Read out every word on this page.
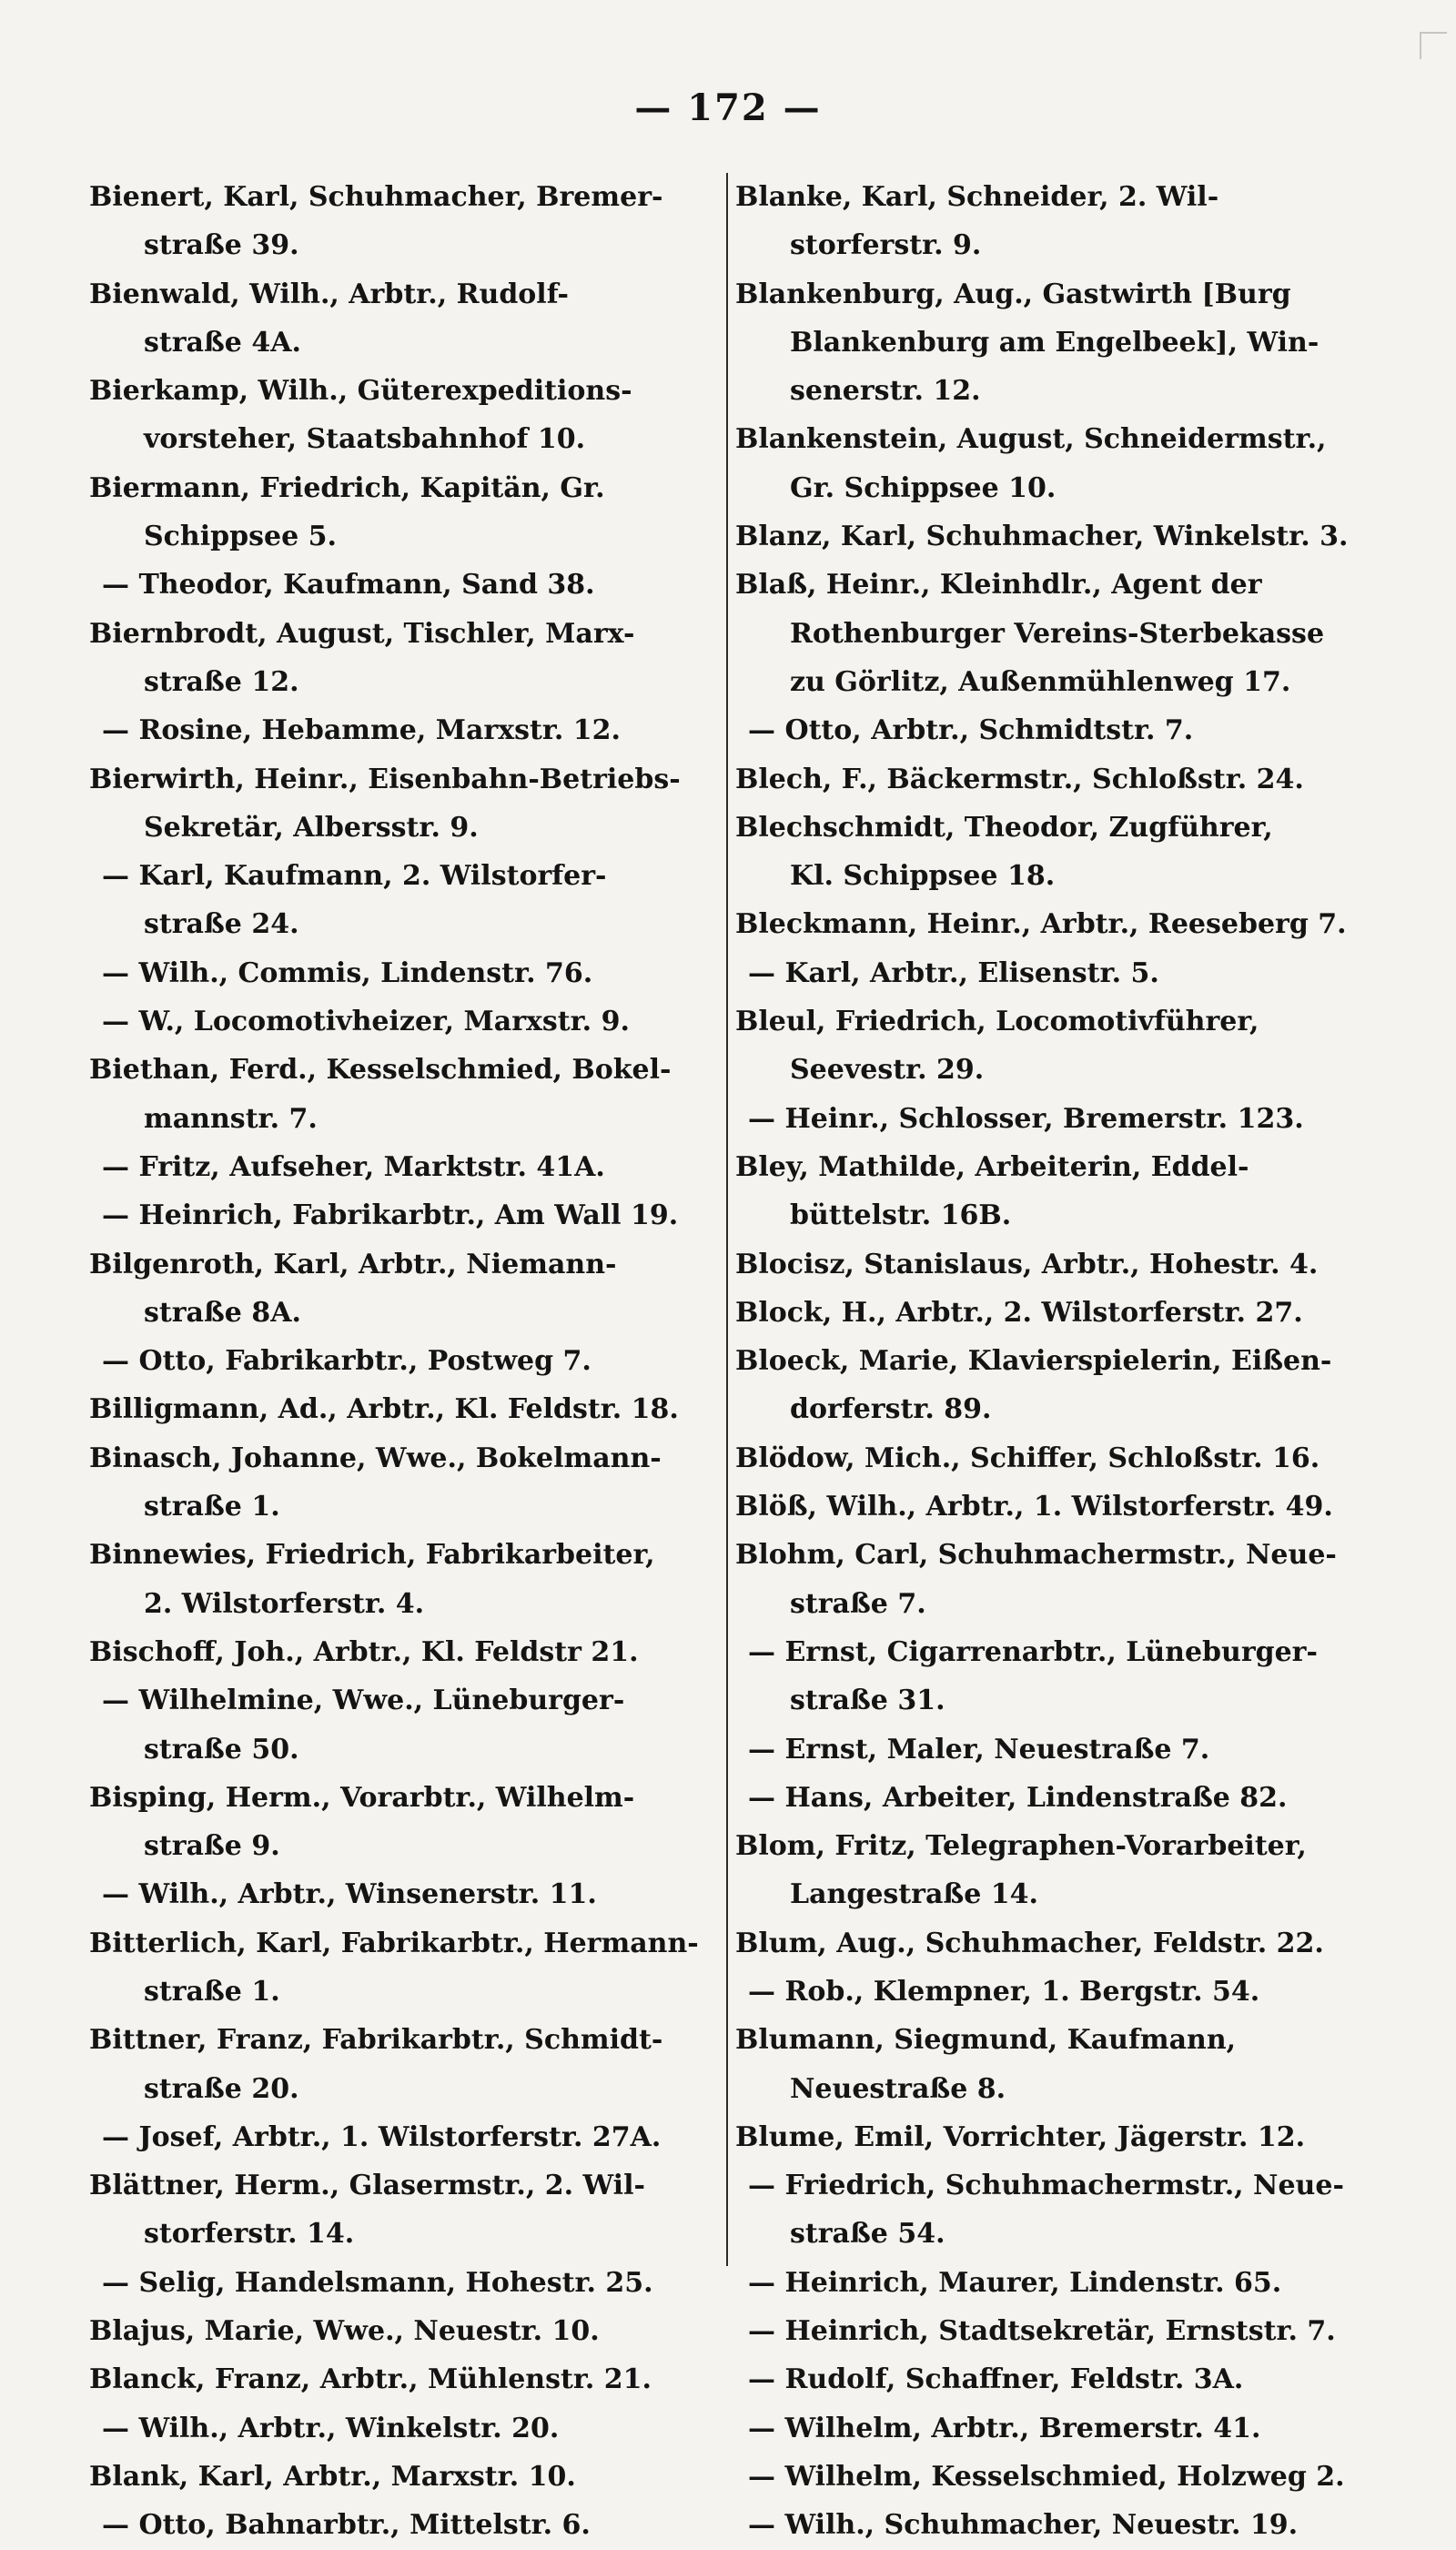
— 172 —
Bienert, Karl, Schuhmacher, Bremer-
straße 39.
Bienwald, Wilh., Arbtr., Rudolf-
straße 4A.
Bierkamp, Wilh., Güterexpeditions-
vorsteher, Staatsbahnhof 10.
Biermann, Friedrich, Kapitän, Gr.
Schippsee 5.
— Theodor, Kaufmann, Sand 38.
Biernbrodt, August, Tischler, Marx-
straße 12.
— Rosine, Hebamme, Marxstr. 12.
Bierwirth, Heinr., Eisenbahn-Betriebs-
Sekretär, Albersstr. 9.
— Karl, Kaufmann, 2. Wilstorfer-
straße 24.
— Wilh., Commis, Lindenstr. 76.
— W., Locomotivheizer, Marxstr. 9.
Biethan, Ferd., Kesselschmied, Bokel-
mannstr. 7.
— Fritz, Aufseher, Marktstr. 41A.
— Heinrich, Fabrikarbtr., Am Wall 19.
Bilgenroth, Karl, Arbtr., Niemann-
straße 8A.
— Otto, Fabrikarbtr., Postweg 7.
Billigmann, Ad., Arbtr., Kl. Feldstr. 18.
Binasch, Johanne, Wwe., Bokelmann-
straße 1.
Binnewies, Friedrich, Fabrikarbeiter,
2. Wilstorferstr. 4.
Bischoff, Joh., Arbtr., Kl. Feldstr 21.
— Wilhelmine, Wwe., Lüneburger-
straße 50.
Bisping, Herm., Vorarbtr., Wilhelm-
straße 9.
— Wilh., Arbtr., Winsenerstr. 11.
Bitterlich, Karl, Fabrikarbtr., Hermann-
straße 1.
Bittner, Franz, Fabrikarbtr., Schmidt-
straße 20.
— Josef, Arbtr., 1. Wilstorferstr. 27A.
Blättner, Herm., Glasermstr., 2. Wil-
storferstr. 14.
— Selig, Handelsmann, Hohestr. 25.
Blajus, Marie, Wwe., Neuestr. 10.
Blanck, Franz, Arbtr., Mühlenstr. 21.
— Wilh., Arbtr., Winkelstr. 20.
Blank, Karl, Arbtr., Marxstr. 10.
— Otto, Bahnarbtr., Mittelstr. 6.
Blanke, Karl, Schneider, 2. Wil-
storferstr. 9.
Blankenburg, Aug., Gastwirth [Burg
Blankenburg am Engelbeek], Win-
senerstr. 12.
Blankenstein, August, Schneidermstr.,
Gr. Schippsee 10.
Blanz, Karl, Schuhmacher, Winkelstr. 3.
Blaß, Heinr., Kleinhdlr., Agent der
Rothenburger Vereins-Sterbekasse
zu Görlitz, Außenmühlenweg 17.
— Otto, Arbtr., Schmidtstr. 7.
Blech, F., Bäckermstr., Schloßstr. 24.
Blechschmidt, Theodor, Zugführer,
Kl. Schippsee 18.
Bleckmann, Heinr., Arbtr., Reeseberg 7.
— Karl, Arbtr., Elisenstr. 5.
Bleul, Friedrich, Locomotivführer,
Seevestr. 29.
— Heinr., Schlosser, Bremerstr. 123.
Bley, Mathilde, Arbeiterin, Eddel-
büttelstr. 16B.
Blocisz, Stanislaus, Arbtr., Hohestr. 4.
Block, H., Arbtr., 2. Wilstorferstr. 27.
Bloeck, Marie, Klavierspielerin, Eißen-
dorferstr. 89.
Blödow, Mich., Schiffer, Schloßstr. 16.
Blöß, Wilh., Arbtr., 1. Wilstorferstr. 49.
Blohm, Carl, Schuhmachermstr., Neue-
straße 7.
— Ernst, Cigarrenarbtr., Lüneburger-
straße 31.
— Ernst, Maler, Neuestraße 7.
— Hans, Arbeiter, Lindenstraße 82.
Blom, Fritz, Telegraphen-Vorarbeiter,
Langestraße 14.
Blum, Aug., Schuhmacher, Feldstr. 22.
— Rob., Klempner, 1. Bergstr. 54.
Blumann, Siegmund, Kaufmann,
Neuestraße 8.
Blume, Emil, Vorrichter, Jägerstr. 12.
— Friedrich, Schuhmachermstr., Neue-
straße 54.
— Heinrich, Maurer, Lindenstr. 65.
— Heinrich, Stadtsekretär, Ernststr. 7.
— Rudolf, Schaffner, Feldstr. 3A.
— Wilhelm, Arbtr., Bremerstr. 41.
— Wilhelm, Kesselschmied, Holzweg 2.
— Wilh., Schuhmacher, Neuestr. 19.
